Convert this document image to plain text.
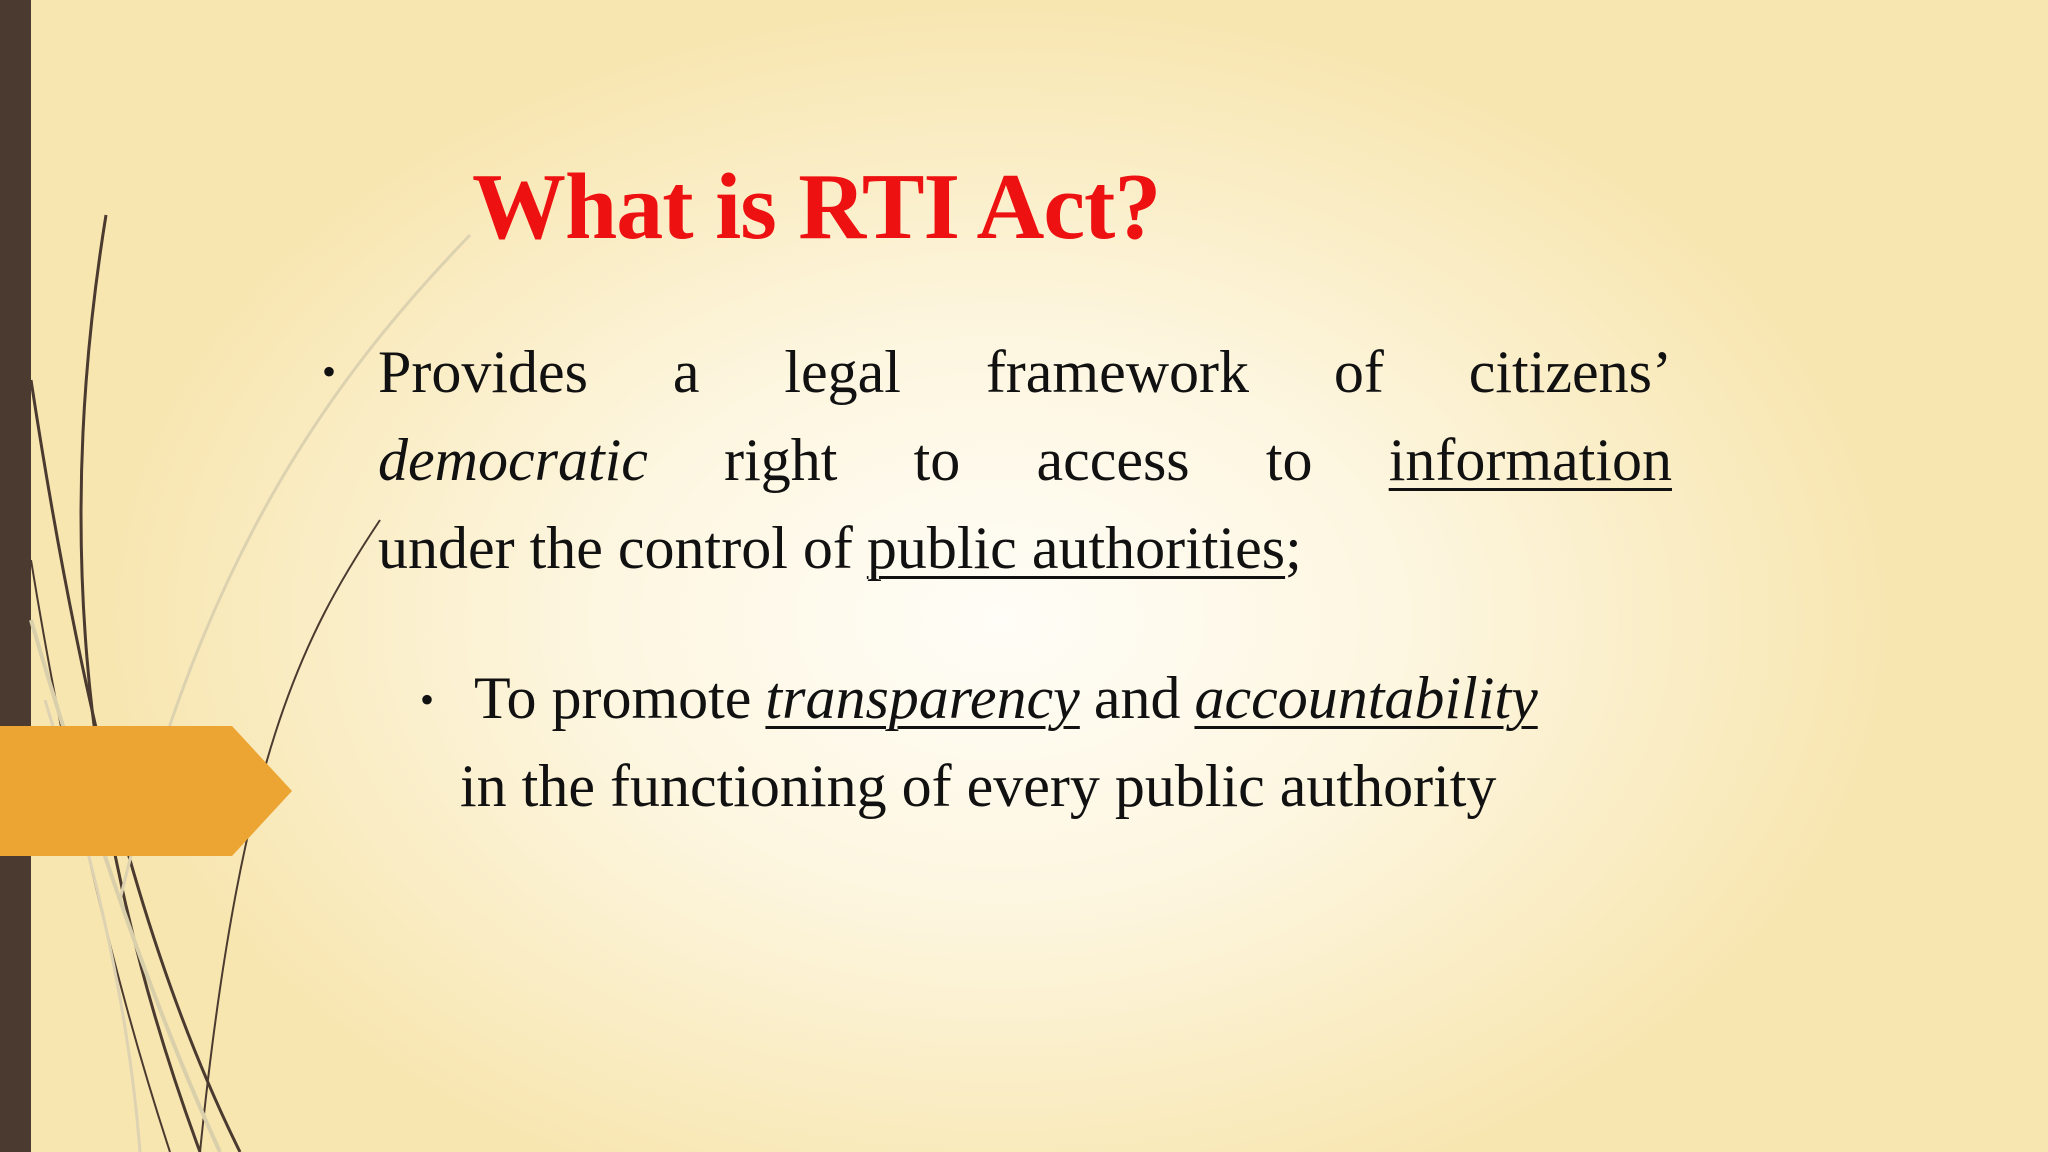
What is RTI Act?
• Provides a legal framework of citizens’
democratic right to access to information
under the control of public authorities;
• To promote transparency and accountability
in the functioning of every public authority
